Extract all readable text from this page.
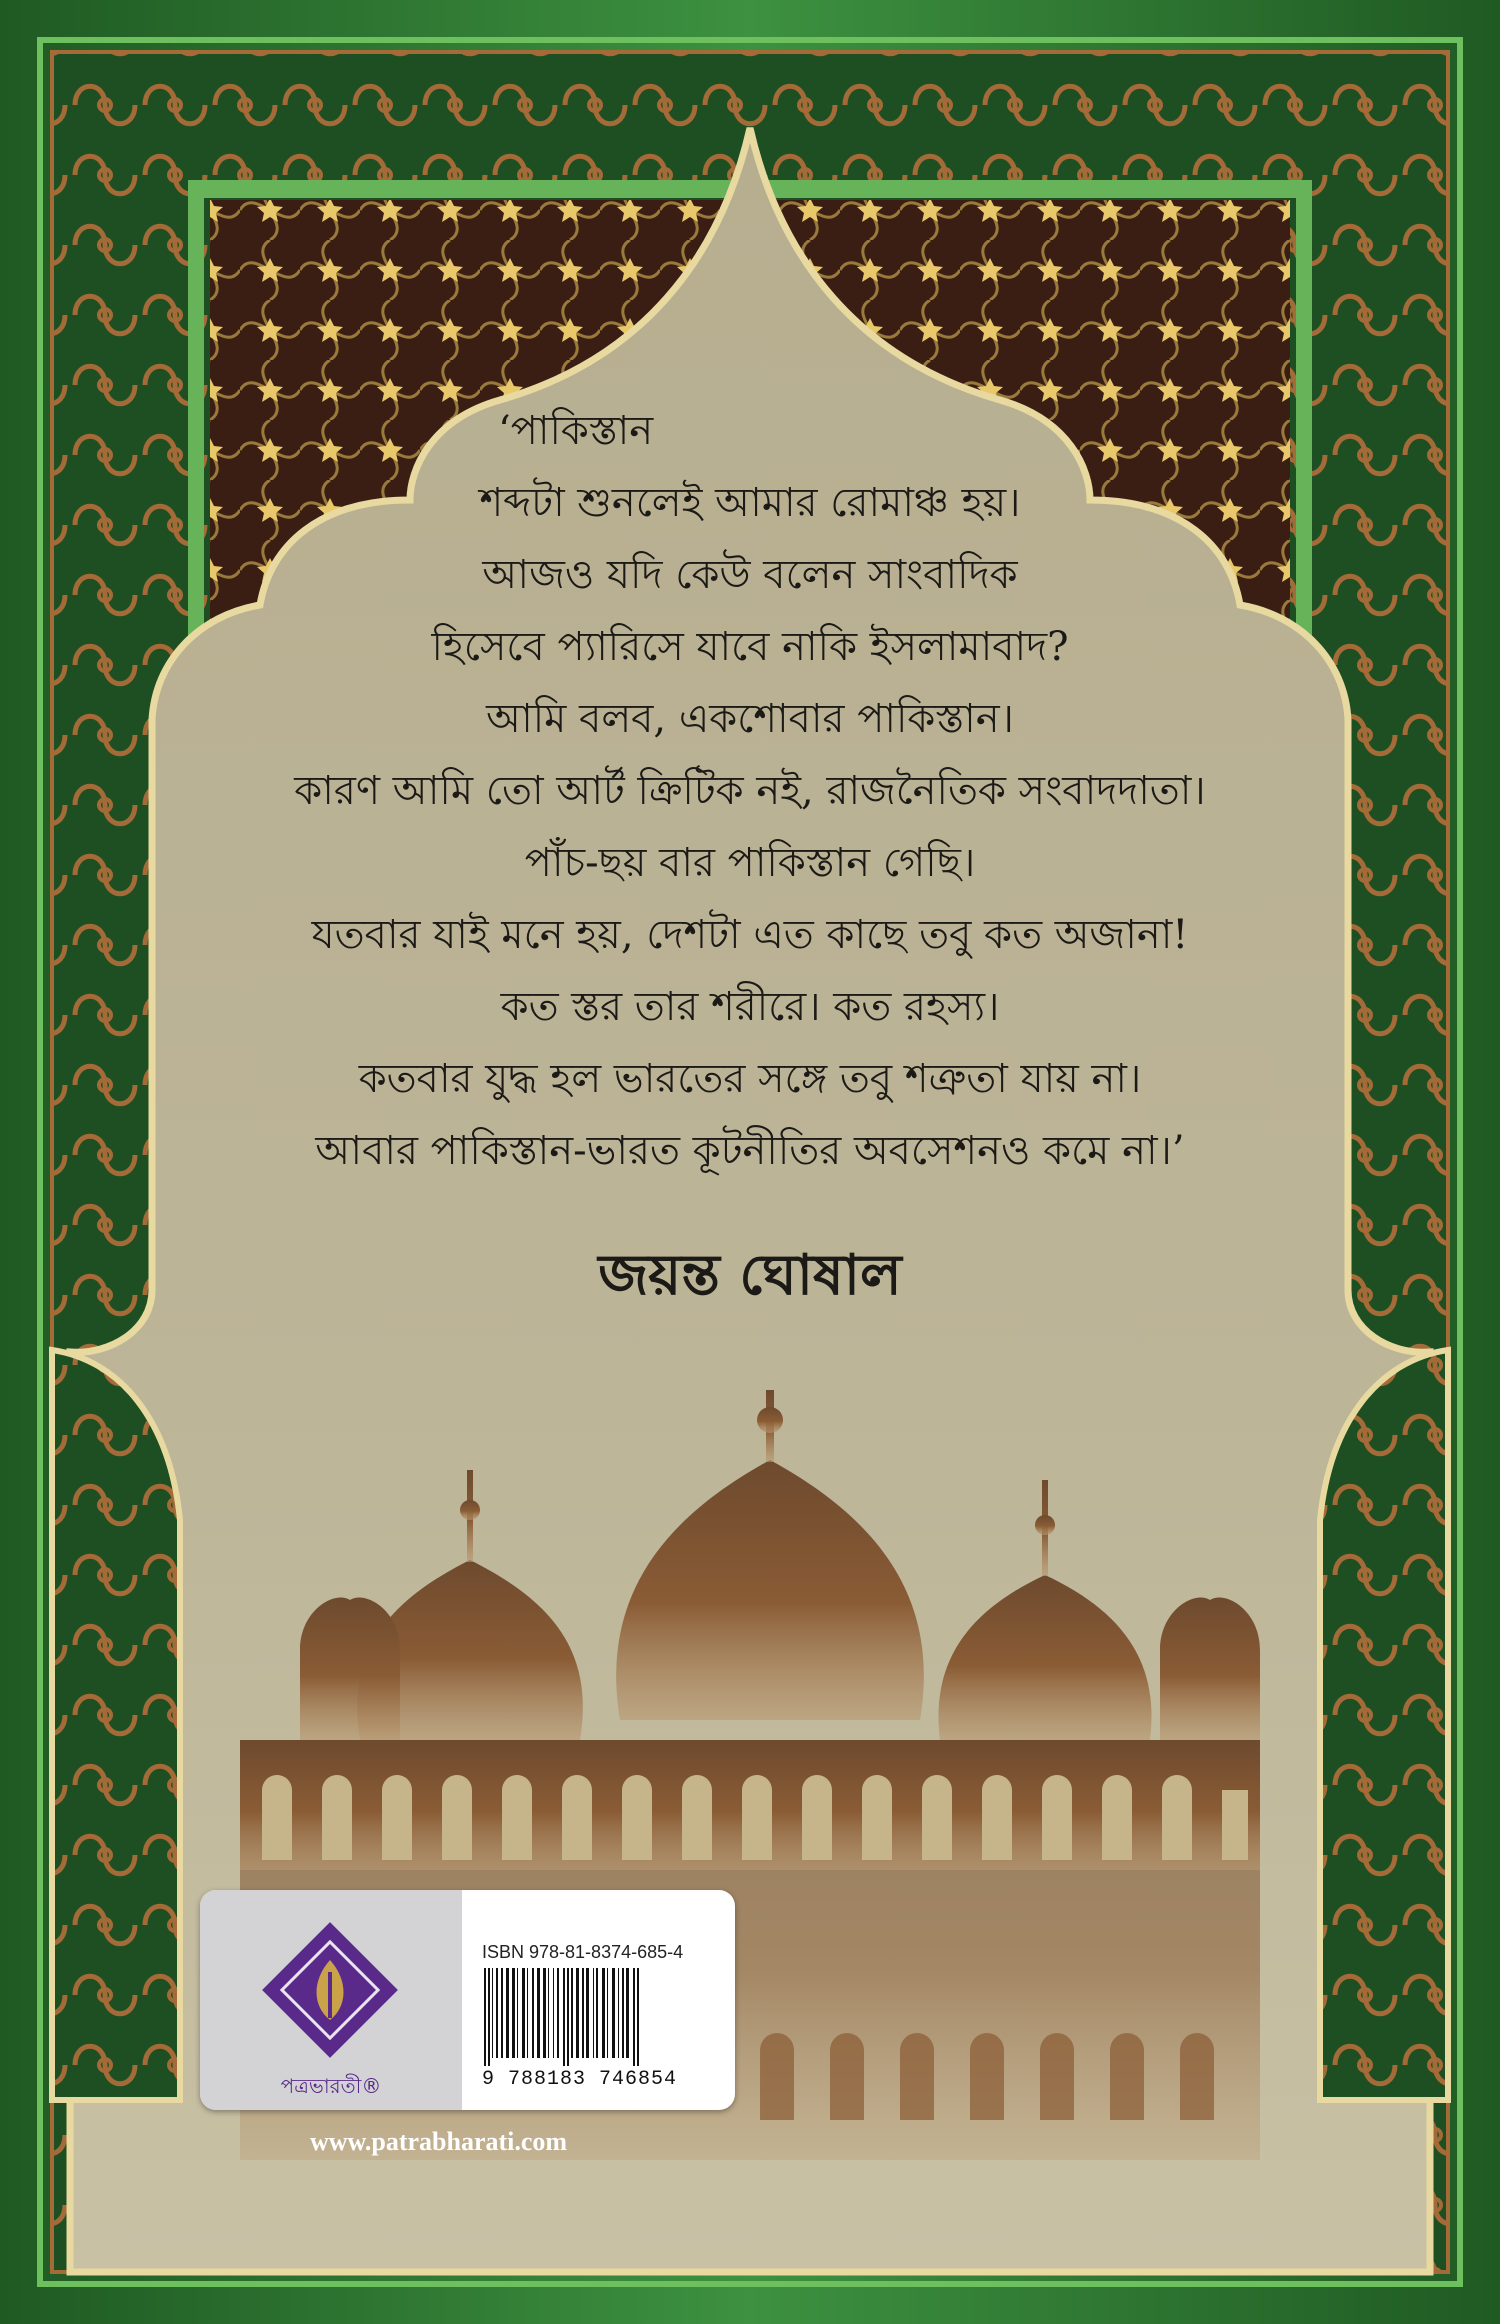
‘পাকিস্তান
শব্দটা শুনলেই আমার রোমাঞ্চ হয়।
আজও যদি কেউ বলেন সাংবাদিক
হিসেবে প্যারিসে যাবে নাকি ইসলামাবাদ?
আমি বলব, একশোবার পাকিস্তান।
কারণ আমি তো আর্ট ক্রিটিক নই, রাজনৈতিক সংবাদদাতা।
পাঁচ-ছয় বার পাকিস্তান গেছি।
যতবার যাই মনে হয়, দেশটা এত কাছে তবু কত অজানা!
কত স্তর তার শরীরে। কত রহস্য।
কতবার যুদ্ধ হল ভারতের সঙ্গে তবু শত্রুতা যায় না।
আবার পাকিস্তান-ভারত কূটনীতির অবসেশনও কমে না।’
জয়ন্ত ঘোষাল
পত্রভারতী®
ISBN 978-81-8374-685-4
9 788183 746854
www.patrabharati.com
